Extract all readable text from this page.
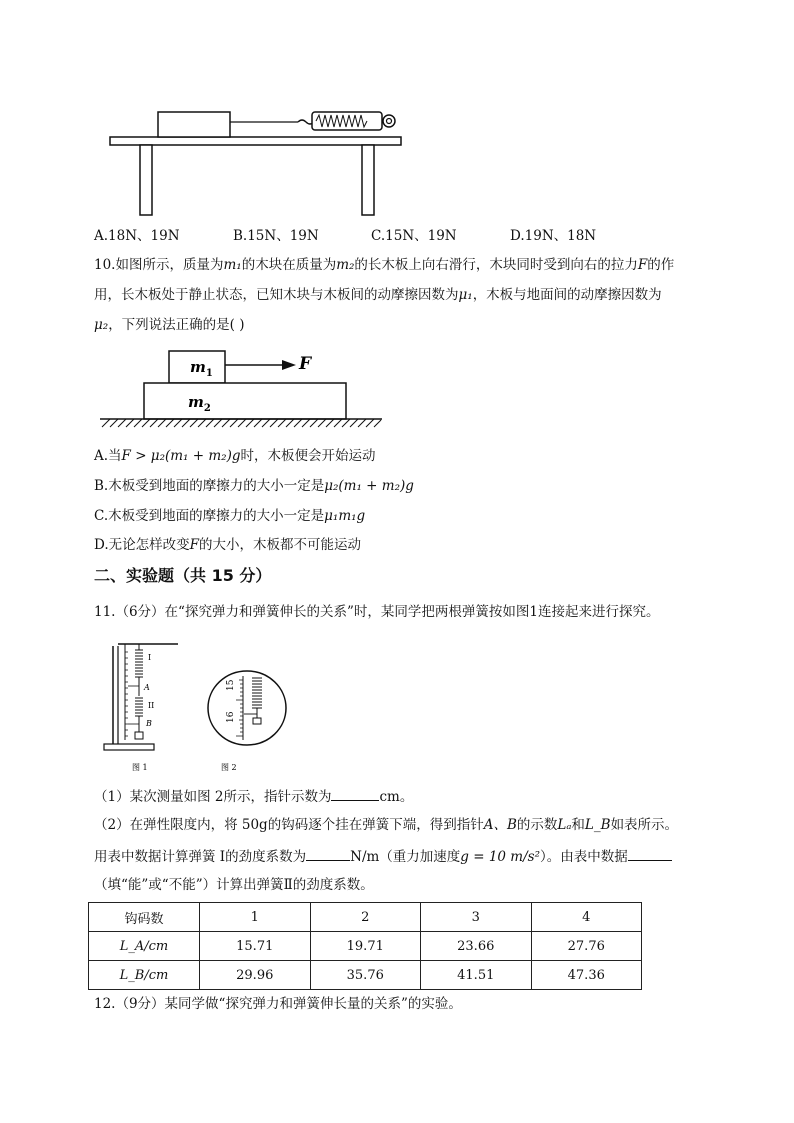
A.18N、19N	B.15N、19N	C.15N、19N	D.19N、18N
10.如图所示，质量为m₁的木块在质量为m₂的长木板上向右滑行，木块同时受到向右的拉力F的作
用，长木板处于静止状态，已知木块与木板间的动摩擦因数为μ₁，木板与地面间的动摩擦因数为
μ₂，下列说法正确的是( )
$m_1$	F
$m_2$
A.当F > μ₂(m₁ + m₂)g时，木板便会开始运动
B.木板受到地面的摩擦力的大小一定是μ₂(m₁ + m₂)g
C.木板受到地面的摩擦力的大小一定是μ₁m₁g
D.无论怎样改变F的大小，木板都不可能运动
二、实验题（共 15 分）
11.（6分）在“探究弹力和弹簧伸长的关系”时，某同学把两根弹簧按如图1连接起来进行探究。
I
A
II
B
图 1
15
16
图 2
（1）某次测量如图 2所示，指针示数为	cm。
（2）在弹性限度内，将 50g的钩码逐个挂在弹簧下端，得到指针A、B的示数Lₐ和L_B如表所示。
用表中数据计算弹簧 I的劲度系数为	N/m（重力加速度g = 10 m/s²）。由表中数据
（填“能”或“不能”）计算出弹簧Ⅱ的劲度系数。
钩码数	1	2	3	4
L_A/cm	15.71	19.71	23.66	27.76
L_B/cm	29.96	35.76	41.51	47.36
12.（9分）某同学做“探究弹力和弹簧伸长量的关系”的实验。
